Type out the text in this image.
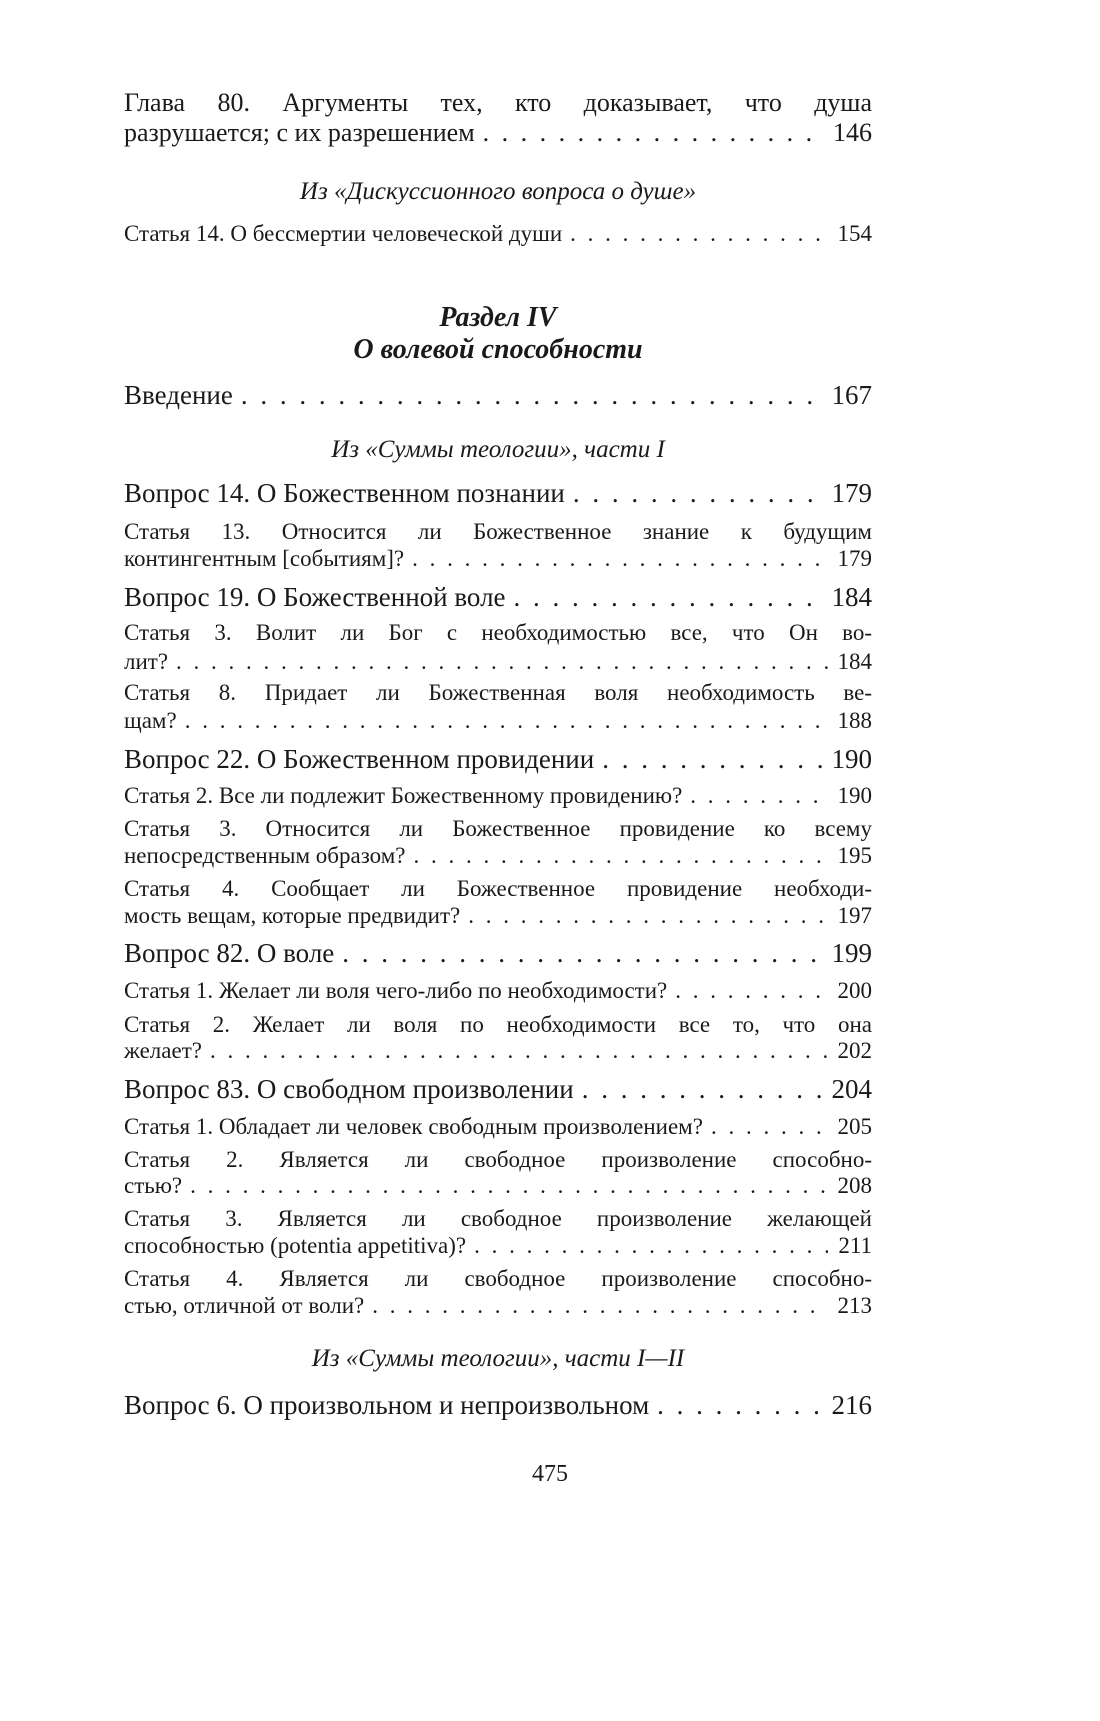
Глава 80. Аргументы тех, кто доказывает, что душа
разрушается; с их разрешением . . .	146
Из «Дискуссионного вопроса о душе»
Статья 14. О бессмертии человеческой души . . .	154
Раздел IV
О волевой способности
Введение . . .	167
Из «Суммы теологии», части I
Вопрос 14. О Божественном познании . . .	179
Статья 13. Относится ли Божественное знание к будущим
контингентным [событиям]? . . .	179
Вопрос 19. О Божественной воле . . .	184
Статья 3. Волит ли Бог с необходимостью все, что Он во-
лит? . . .	184
Статья 8. Придает ли Божественная воля необходимость ве-
щам? . . .	188
Вопрос 22. О Божественном провидении . . .	190
Статья 2. Все ли подлежит Божественному провидению? . . .	190
Статья 3. Относится ли Божественное провидение ко всему
непосредственным образом? . . .	195
Статья 4. Сообщает ли Божественное провидение необходи-
мость вещам, которые предвидит? . . .	197
Вопрос 82. О воле . . .	199
Статья 1. Желает ли воля чего-либо по необходимости? . . .	200
Статья 2. Желает ли воля по необходимости все то, что она
желает? . . .	202
Вопрос 83. О свободном произволении . . .	204
Статья 1. Обладает ли человек свободным произволением? . . .	205
Статья 2. Является ли свободное произволение способно-
стью? . . .	208
Статья 3. Является ли свободное произволение желающей
способностью (potentia appetitiva)? . . .	211
Статья 4. Является ли свободное произволение способно-
стью, отличной от воли? . . .	213
Из «Суммы теологии», части I—II
Вопрос 6. О произвольном и непроизвольном . . .	216
475
